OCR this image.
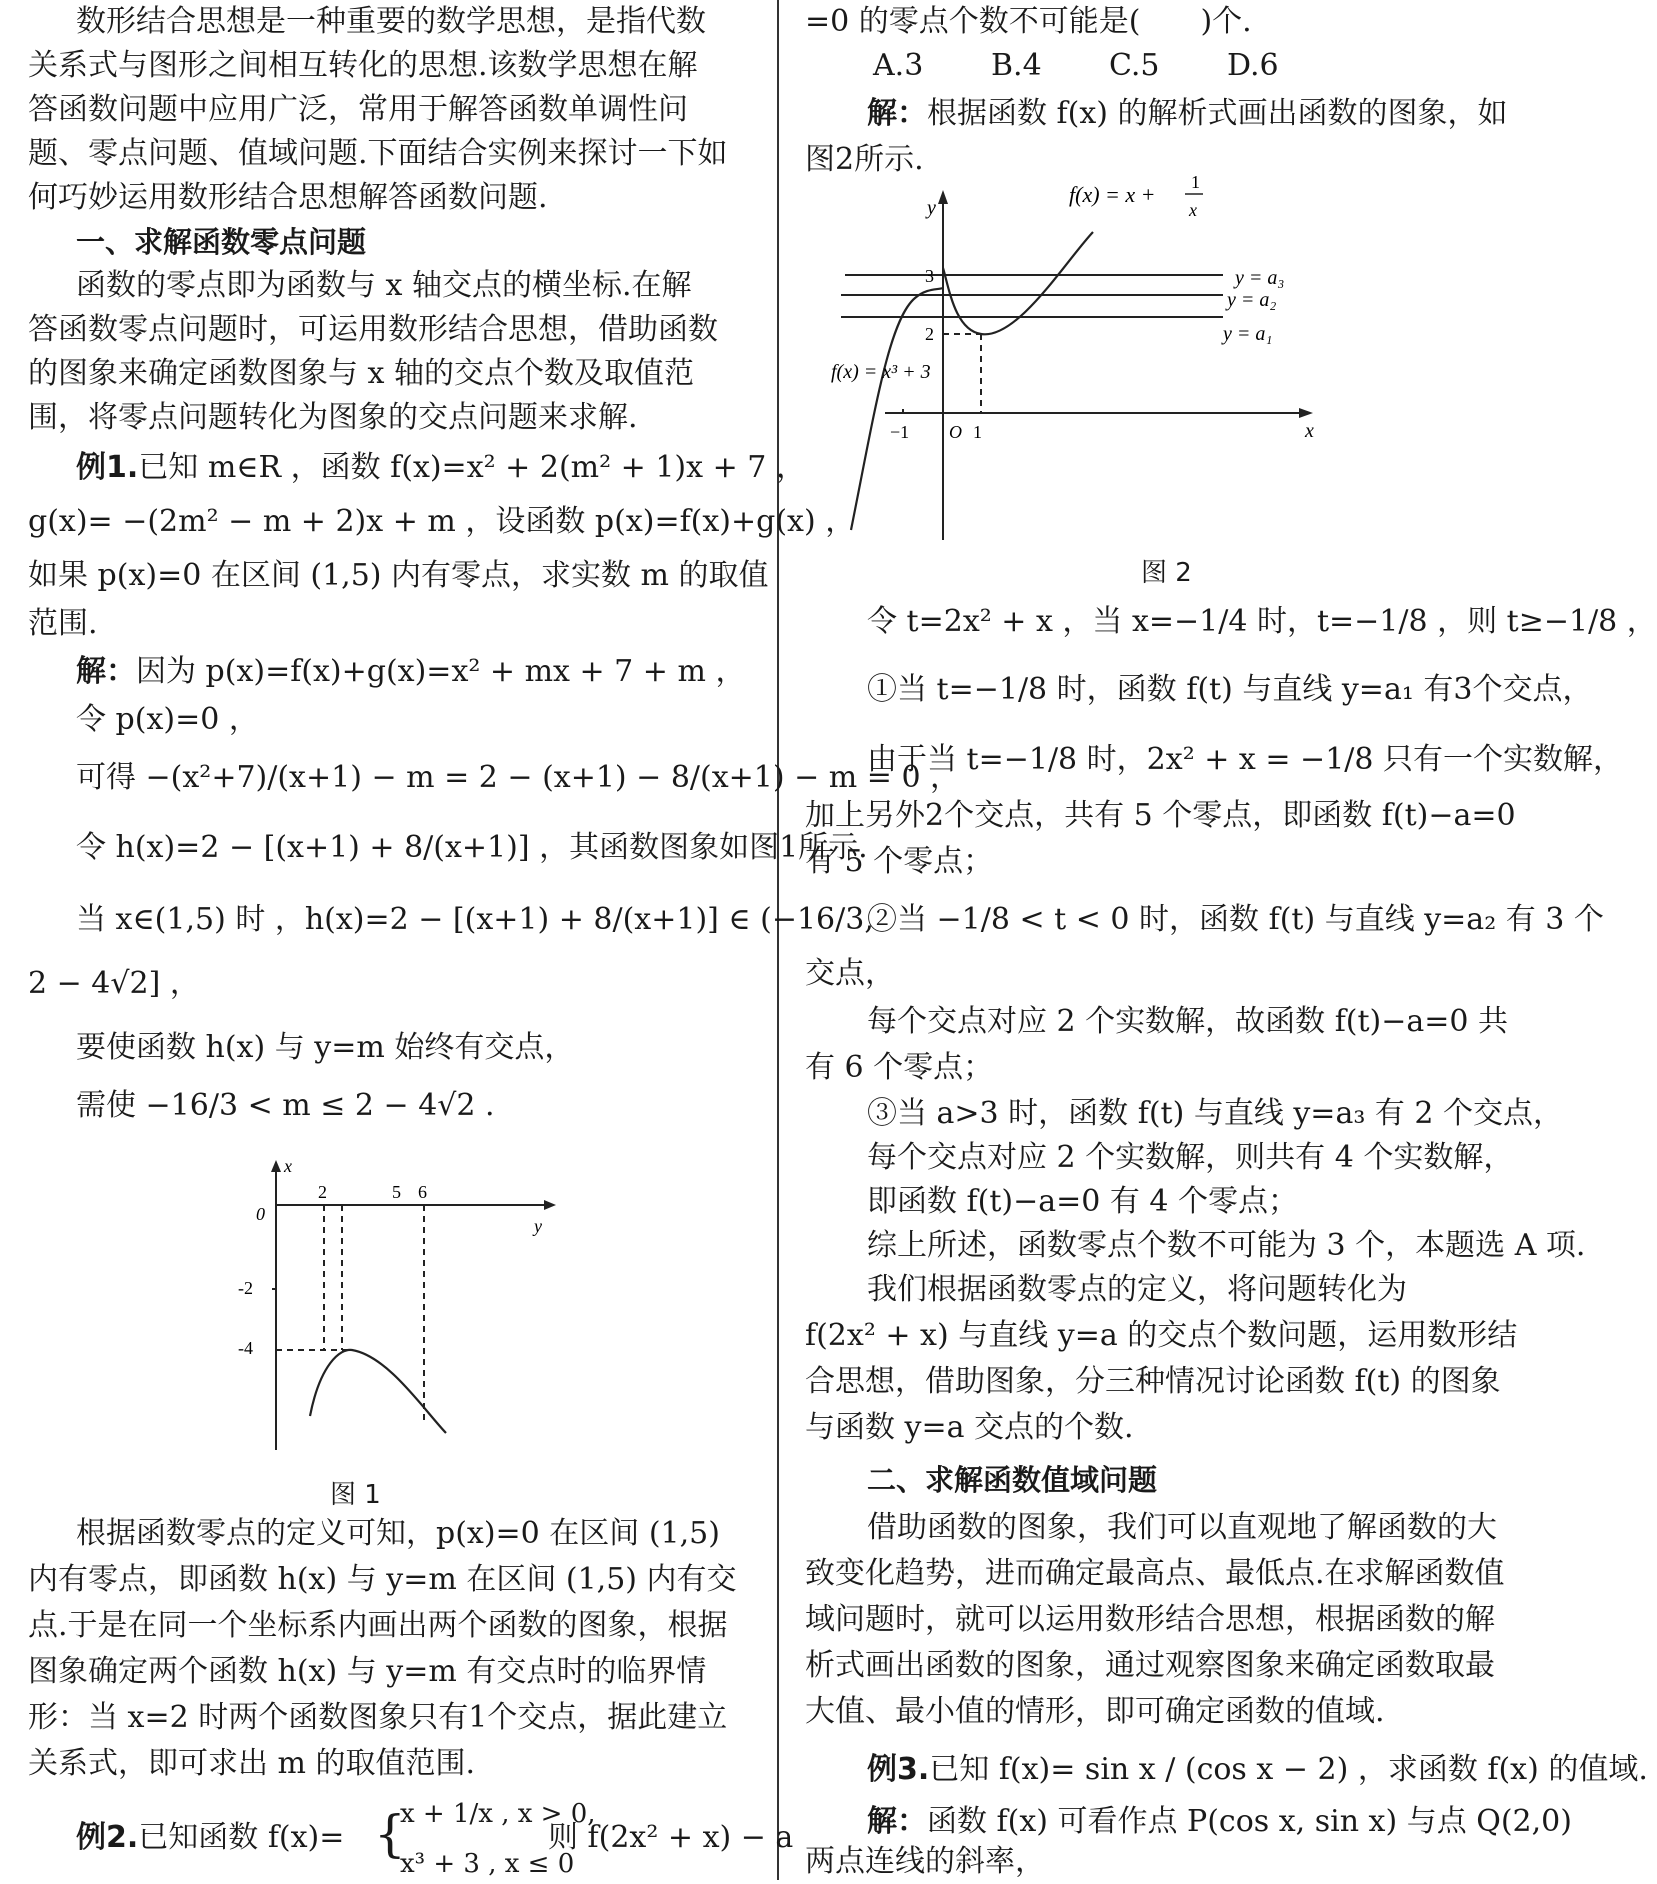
数形结合思想是一种重要的数学思想，是指代数
关系式与图形之间相互转化的思想.该数学思想在解
答函数问题中应用广泛，常用于解答函数单调性问
题、零点问题、值域问题.下面结合实例来探讨一下如
何巧妙运用数形结合思想解答函数问题.
一、求解函数零点问题
函数的零点即为函数与 x 轴交点的横坐标.在解
答函数零点问题时，可运用数形结合思想，借助函数
的图象来确定函数图象与 x 轴的交点个数及取值范
围，将零点问题转化为图象的交点问题来求解.
例1.已知 m∈R ，函数 f(x)=x² + 2(m² + 1)x + 7 ，
g(x)= −(2m² − m + 2)x + m ，设函数 p(x)=f(x)+g(x) ，
如果 p(x)=0 在区间 (1,5) 内有零点，求实数 m 的取值
范围.
解：因为 p(x)=f(x)+g(x)=x² + mx + 7 + m ，
令 p(x)=0 ，
可得 −(x²+7)/(x+1) − m = 2 − (x+1) − 8/(x+1) − m = 0 ，
令 h(x)=2 − [(x+1) + 8/(x+1)] ，其函数图象如图1所示.
当 x∈(1,5) 时 ，h(x)=2 − [(x+1) + 8/(x+1)] ∈ (−16/3,
2 − 4√2] ，
要使函数 h(x) 与 y=m 始终有交点，
需使 −16/3 < m ≤ 2 − 4√2 .
x
y
0
2	5 6
-2
-4
图 1
根据函数零点的定义可知，p(x)=0 在区间 (1,5)
内有零点，即函数 h(x) 与 y=m 在区间 (1,5) 内有交
点.于是在同一个坐标系内画出两个函数的图象，根据
图象确定两个函数 h(x) 与 y=m 有交点时的临界情
形：当 x=2 时两个函数图象只有1个交点，据此建立
关系式，即可求出 m 的取值范围.
例2.已知函数 f(x)= {
x + 1/x , x > 0,
x³ + 3 , x ≤ 0
则 f(2x² + x) − a
=0 的零点个数不可能是(　　)个.
A.3 B.4 C.5 D.6
解：根据函数 f(x) 的解析式画出函数的图象，如
图2所示.
y
x
y = a₃
y = a₂
y = a₁
3
2
−1 O 1
f(x) = x + 1
x
f(x) = x³ + 3
图 2
令 t=2x² + x ，当 x=−1/4 时，t=−1/8 ，则 t≥−1/8 ，
①当 t=−1/8 时，函数 f(t) 与直线 y=a₁ 有3个交点，
由于当 t=−1/8 时，2x² + x = −1/8 只有一个实数解，
加上另外2个交点，共有 5 个零点，即函数 f(t)−a=0
有 5 个零点；
②当 −1/8 < t < 0 时，函数 f(t) 与直线 y=a₂ 有 3 个
交点，
每个交点对应 2 个实数解，故函数 f(t)−a=0 共
有 6 个零点；
③当 a>3 时，函数 f(t) 与直线 y=a₃ 有 2 个交点，
每个交点对应 2 个实数解，则共有 4 个实数解，
即函数 f(t)−a=0 有 4 个零点；
综上所述，函数零点个数不可能为 3 个，本题选 A 项.
我们根据函数零点的定义，将问题转化为
f(2x² + x) 与直线 y=a 的交点个数问题，运用数形结
合思想，借助图象，分三种情况讨论函数 f(t) 的图象
与函数 y=a 交点的个数.
二、求解函数值域问题
借助函数的图象，我们可以直观地了解函数的大
致变化趋势，进而确定最高点、最低点.在求解函数值
域问题时，就可以运用数形结合思想，根据函数的解
析式画出函数的图象，通过观察图象来确定函数取最
大值、最小值的情形，即可确定函数的值域.
例3.已知 f(x)= sin x / (cos x − 2) ，求函数 f(x) 的值域.
解：函数 f(x) 可看作点 P(cos x, sin x) 与点 Q(2,0)
两点连线的斜率，
